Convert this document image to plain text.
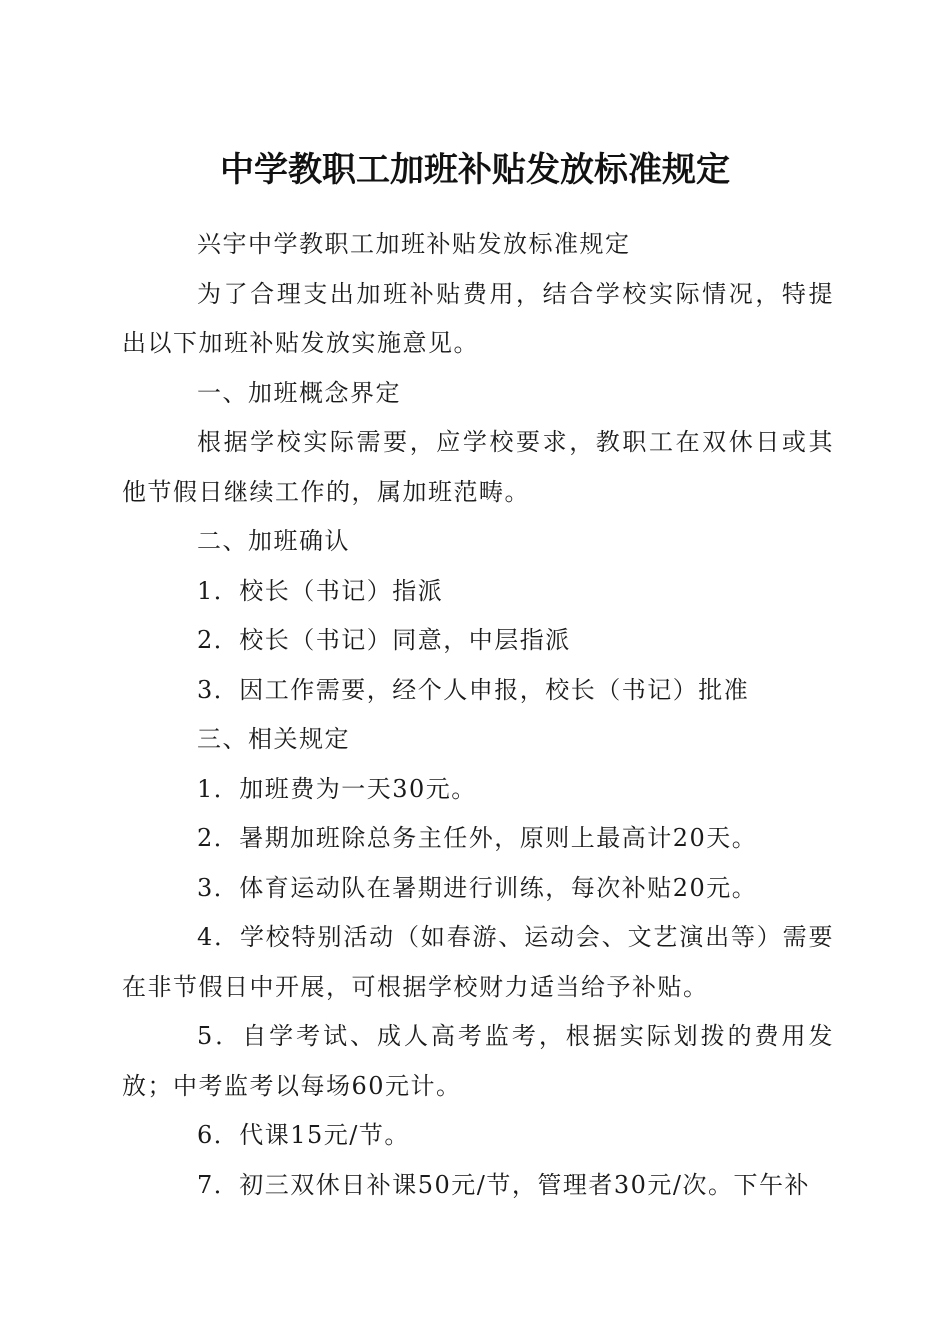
中学教职工加班补贴发放标准规定

兴宇中学教职工加班补贴发放标准规定

为了合理支出加班补贴费用，结合学校实际情况，特提出以下加班补贴发放实施意见。

一、加班概念界定

根据学校实际需要，应学校要求，教职工在双休日或其他节假日继续工作的，属加班范畴。

二、加班确认

1．校长（书记）指派

2．校长（书记）同意，中层指派

3．因工作需要，经个人申报，校长（书记）批准

三、相关规定

1．加班费为一天30元。

2．暑期加班除总务主任外，原则上最高计20天。

3．体育运动队在暑期进行训练，每次补贴20元。

4．学校特别活动（如春游、运动会、文艺演出等）需要在非节假日中开展，可根据学校财力适当给予补贴。

5．自学考试、成人高考监考，根据实际划拨的费用发放；中考监考以每场60元计。

6．代课15元/节。

7．初三双休日补课50元/节，管理者30元/次。下午补
